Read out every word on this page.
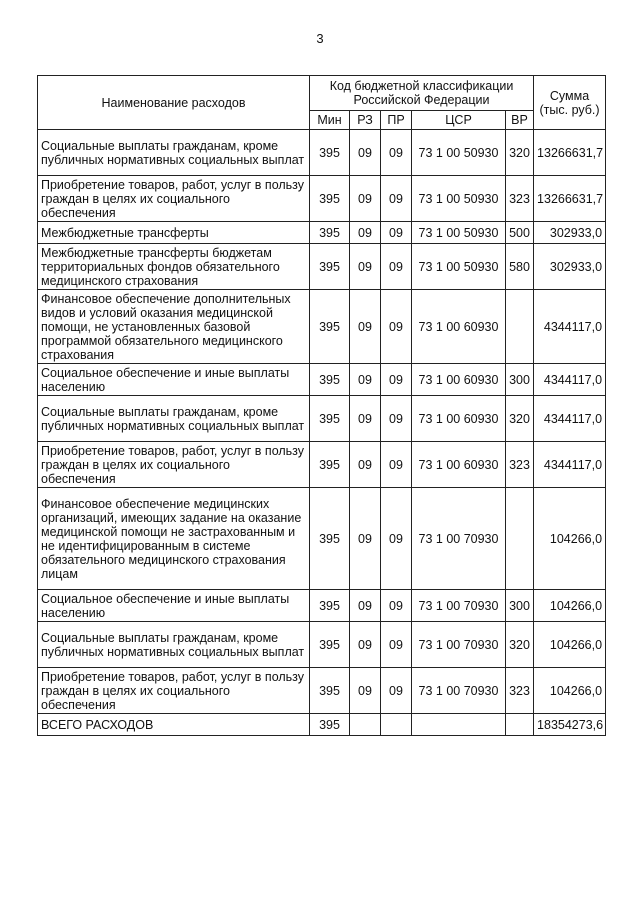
3
Наименование расходов	Код бюджетной классификации Российской Федерации					Сумма (тыс. руб.)
	Мин	РЗ	ПР	ЦСР	ВР	
Социальные выплаты гражданам, кроме публичных нормативных социальных выплат	395	09	09	73 1 00 50930	320	13266631,7
Приобретение товаров, работ, услуг в пользу граждан в целях их социального обеспечения	395	09	09	73 1 00 50930	323	13266631,7
Межбюджетные трансферты	395	09	09	73 1 00 50930	500	302933,0
Межбюджетные трансферты бюджетам территориальных фондов обязательного медицинского страхования	395	09	09	73 1 00 50930	580	302933,0
Финансовое обеспечение дополнительных видов и условий оказания медицинской помощи, не установленных базовой программой обязательного медицинского страхования	395	09	09	73 1 00 60930		4344117,0
Социальное обеспечение и иные выплаты населению	395	09	09	73 1 00 60930	300	4344117,0
Социальные выплаты гражданам, кроме публичных нормативных социальных выплат	395	09	09	73 1 00 60930	320	4344117,0
Приобретение товаров, работ, услуг в пользу граждан в целях их социального обеспечения	395	09	09	73 1 00 60930	323	4344117,0
Финансовое обеспечение медицинских организаций, имеющих задание на оказание медицинской помощи не застрахованным и не идентифицированным в системе обязательного медицинского страхования лицам	395	09	09	73 1 00 70930		104266,0
Социальное обеспечение и иные выплаты населению	395	09	09	73 1 00 70930	300	104266,0
Социальные выплаты гражданам, кроме публичных нормативных социальных выплат	395	09	09	73 1 00 70930	320	104266,0
Приобретение товаров, работ, услуг в пользу граждан в целях их социального обеспечения	395	09	09	73 1 00 70930	323	104266,0
ВСЕГО РАСХОДОВ	395					18354273,6
